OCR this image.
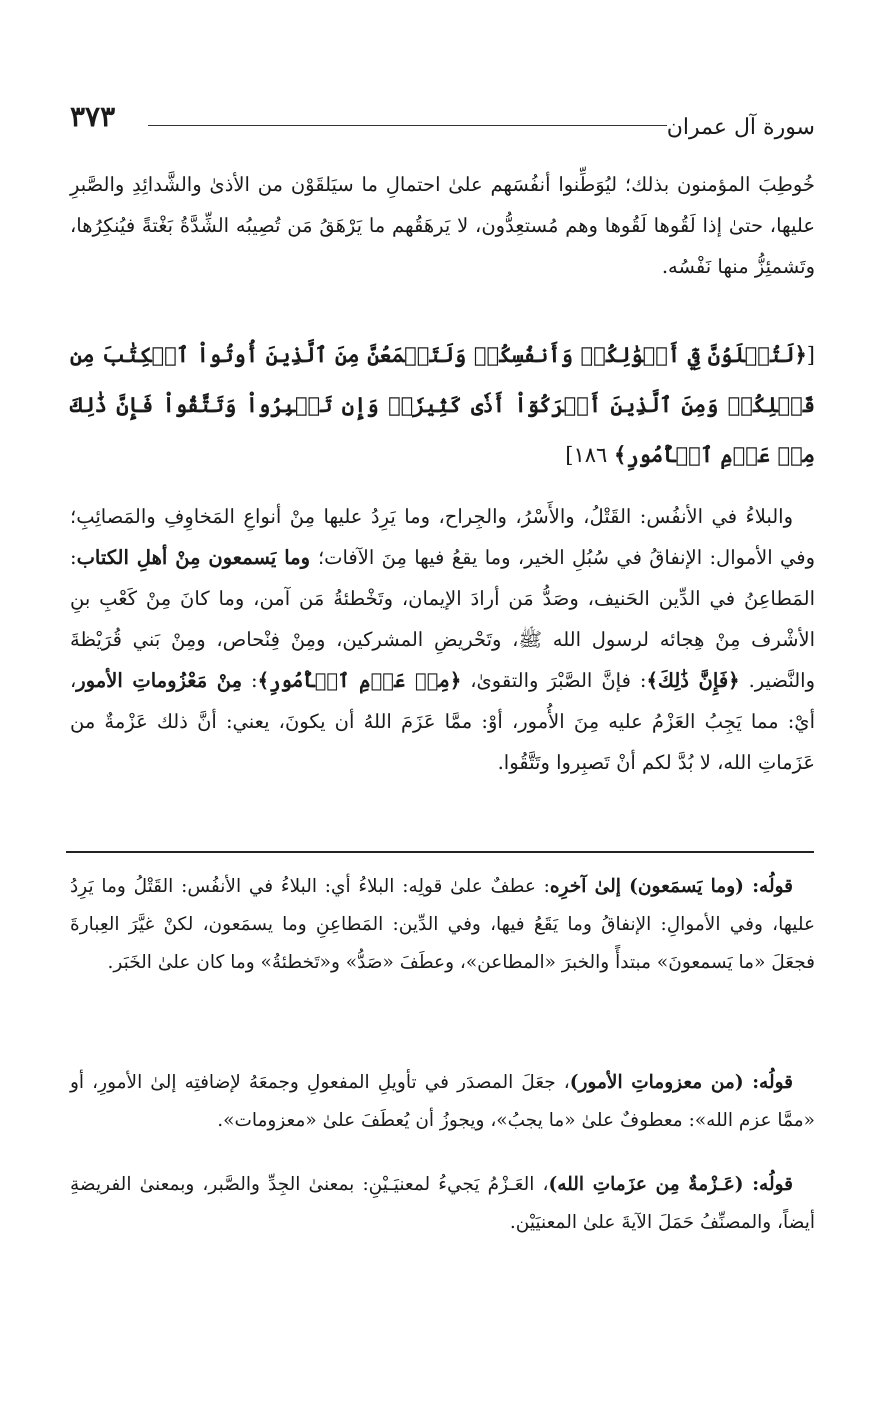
٣٧٣	سورة آل عمران

خُوطِبَ المؤمنون بذلك؛ ليُوَطِّنوا أنفُسَهم علىٰ احتمالِ ما سيَلقَوْن من الأذىٰ والشَّدائِدِ والصَّبرِ عليها، حتىٰ إذا لَقُوها لَقُوها وهم مُستعِدُّون، لا يَرهَقُهم ما يَرْهَقُ مَن تُصِيبُه الشِّدَّةُ بَغْتةً فيُنكِرُها، وتَشمئِزُّ منها نَفْسُه.

[﴿لَتُبۡلَوُنَّ فِيٓ أَمۡوَٰلِكُمۡ وَأَنفُسِكُمۡ وَلَتَسۡمَعُنَّ مِنَ ٱلَّذِينَ أُوتُواْ ٱلۡكِتَٰبَ مِن قَبۡلِكُمۡ وَمِنَ ٱلَّذِينَ أَشۡرَكُوٓاْ أَذٗى كَثِيرٗاۚ وَإِن تَصۡبِرُواْ وَتَتَّقُواْ فَإِنَّ ذَٰلِكَ مِنۡ عَزۡمِ ٱلۡأُمُورِ﴾ ١٨٦]

والبلاءُ في الأنفُس: القَتْلُ، والأَسْرُ، والجِراح، وما يَرِدُ عليها مِنْ أنواعِ المَخاوِفِ والمَصائِبِ؛ وفي الأموال: الإنفاقُ في سُبُلِ الخير، وما يقعُ فيها مِنَ الآفات؛ وما يَسمعون مِنْ أهلِ الكتاب: المَطاعِنُ في الدِّين الحَنيف، وصَدُّ مَن أرادَ الإيمان، وتَخْطئةُ مَن آمن، وما كانَ مِنْ كَعْبِ بنِ الأشْرف مِنْ هِجائه لرسول الله ﷺ، وتَحْريضِ المشركين، ومِنْ فِنْحاص، ومِنْ بَني قُرَيْظةَ والنَّضير. ﴿فَإِنَّ ذَٰلِكَ﴾: فإنَّ الصَّبْرَ والتقوىٰ، ﴿مِنۡ عَزۡمِ ٱلۡأُمُورِ﴾: مِنْ مَعْزُوماتِ الأمور، أيْ: مما يَجِبُ العَزْمُ عليه مِنَ الأُمور، أوْ: ممَّا عَزَمَ اللهُ أن يكونَ، يعني: أنَّ ذلك عَزْمةٌ من عَزَماتِ الله، لا بُدَّ لكم أنْ تَصبِروا وتَتَّقُوا.

قولُه: (وما يَسمَعون) إلىٰ آخرِه: عطفٌ علىٰ قولِه: البلاءُ أي: البلاءُ في الأنفُس: القَتْلُ وما يَرِدُ عليها، وفي الأموالِ: الإنفاقُ وما يَقَعُ فيها، وفي الدِّين: المَطاعِنِ وما يسمَعون، لكنْ غيَّرَ العِبارةَ فجعَلَ «ما يَسمعونَ» مبتدأً والخبرَ «المطاعن»، وعطَفَ «صَدُّ» و«تَخطئةُ» وما كان علىٰ الخَبَر.

قولُه: (من معزوماتِ الأمور)، جعَلَ المصدَر في تأويلِ المفعولِ وجمعَهُ لإضافتِه إلىٰ الأمورِ، أو «ممَّا عزم الله»: معطوفٌ علىٰ «ما يجبُ»، ويجوزُ أن يُعطَفَ علىٰ «معزومات».

قولُه: (عَـزْمةٌ مِن عزَماتِ الله)، العَـزْمُ يَجيءُ لمعنيَـيْنِ: بمعنىٰ الجِدِّ والصَّبر، وبمعنىٰ الفريضةِ أيضاً، والمصنِّفُ حَمَلَ الآيةَ علىٰ المعنيَيْن.
